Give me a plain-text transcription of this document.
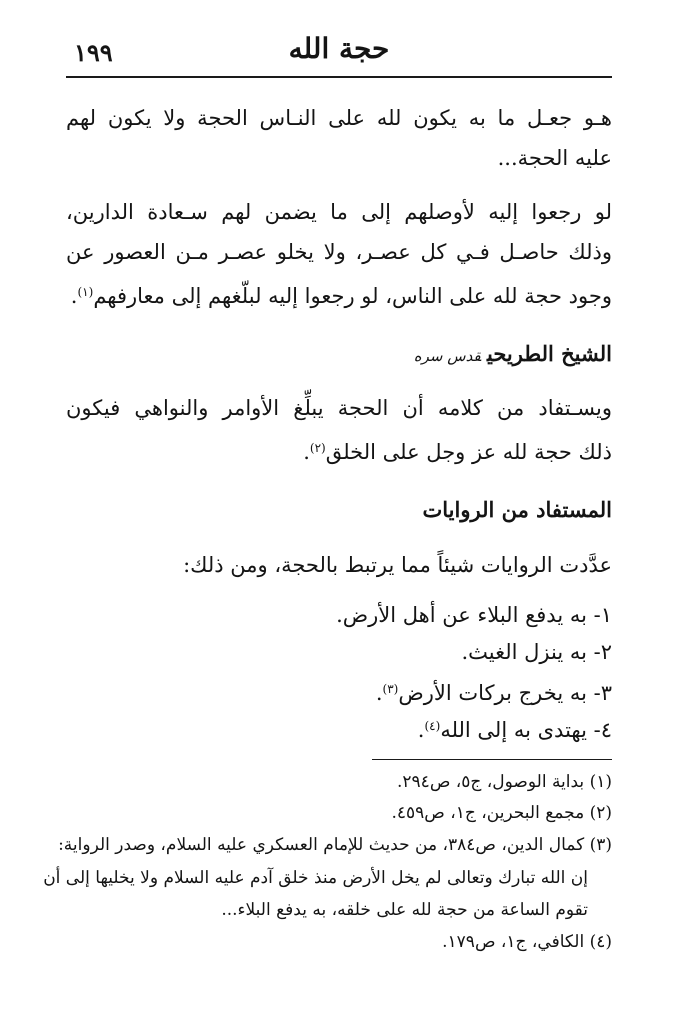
١٩٩	حجة الله
هـو جعـل ما به يكون لله على النـاس الحجة ولا يكون لهم
عليه الحجة...
لو رجعوا إليه لأوصلهم إلى ما يضمن لهم سـعادة الدارين،
وذلك حاصـل فـي كل عصـر، ولا يخلو عصـر مـن العصور عن
وجود حجة لله على الناس، لو رجعوا إليه لبلّغهم إلى معارفهم$^{(١)}$.
الشيخ الطريحيقدس سره
ويسـتفاد من كلامه أن الحجة يبلِّغ الأوامر والنواهي فيكون
ذلك حجة لله عز وجل على الخلق$^{(٢)}$.
المستفاد من الروايات
عدَّدت الروايات شيئاً مما يرتبط بالحجة، ومن ذلك:
١- به يدفع البلاء عن أهل الأرض.
٢- به ينزل الغيث.
٣- به يخرج بركات الأرض$^{(٣)}$.
٤- يهتدى به إلى الله$^{(٤)}$.
(١) بداية الوصول، ج٥، ص٢٩٤.
(٢) مجمع البحرين، ج١، ص٤٥٩.
(٣) كمال الدين، ص٣٨٤، من حديث للإمام العسكري عليه السلام، وصدر الرواية:
إن الله تبارك وتعالى لم يخل الأرض منذ خلق آدم عليه السلام ولا يخليها إلى أن
تقوم الساعة من حجة لله على خلقه، به يدفع البلاء...
(٤) الكافي، ج١، ص١٧٩.
